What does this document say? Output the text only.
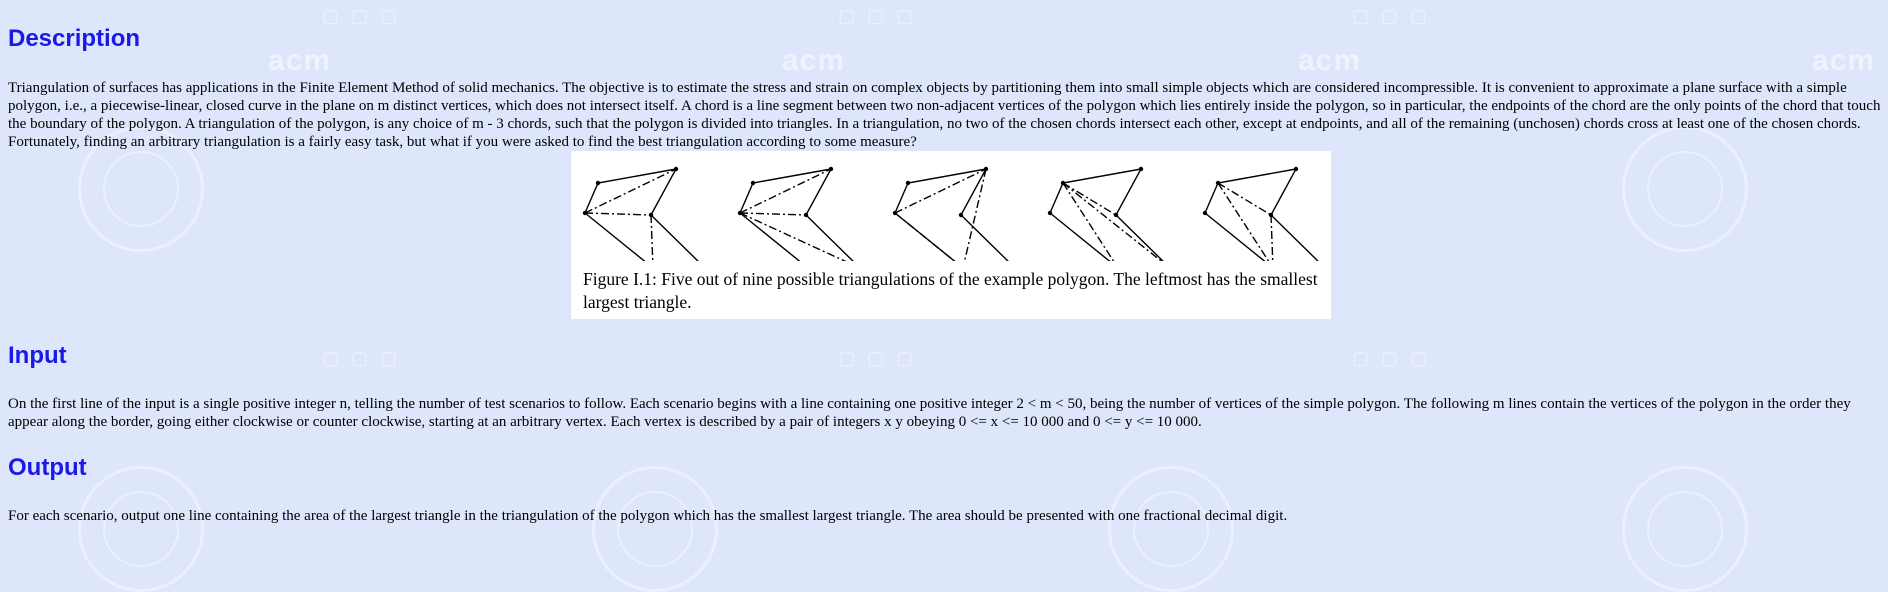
acm	acm	acm	acm
▢▢▢	▢▢▢	▢▢▢
▢▢▢	▢▢▢	▢▢▢
Description

Triangulation of surfaces has applications in the Finite Element Method of solid mechanics. The objective is to estimate the stress and strain on complex objects by partitioning them into small simple objects which are considered incompressible. It is convenient to approximate a plane surface with a simple polygon, i.e., a piecewise-linear, closed curve in the plane on m distinct vertices, which does not intersect itself. A chord is a line segment between two non-adjacent vertices of the polygon which lies entirely inside the polygon, so in particular, the endpoints of the chord are the only points of the chord that touch the boundary of the polygon. A triangulation of the polygon, is any choice of m - 3 chords, such that the polygon is divided into triangles. In a triangulation, no two of the chosen chords intersect each other, except at endpoints, and all of the remaining (unchosen) chords cross at least one of the chosen chords. Fortunately, finding an arbitrary triangulation is a fairly easy task, but what if you were asked to find the best triangulation according to some measure?

Figure I.1: Five out of nine possible triangulations of the example polygon. The leftmost has the smallest largest triangle.
Input

On the first line of the input is a single positive integer n, telling the number of test scenarios to follow. Each scenario begins with a line containing one positive integer 2 < m < 50, being the number of vertices of the simple polygon. The following m lines contain the vertices of the polygon in the order they appear along the border, going either clockwise or counter clockwise, starting at an arbitrary vertex. Each vertex is described by a pair of integers x y obeying 0 <= x <= 10 000 and 0 <= y <= 10 000.

Output

For each scenario, output one line containing the area of the largest triangle in the triangulation of the polygon which has the smallest largest triangle. The area should be presented with one fractional decimal digit.
